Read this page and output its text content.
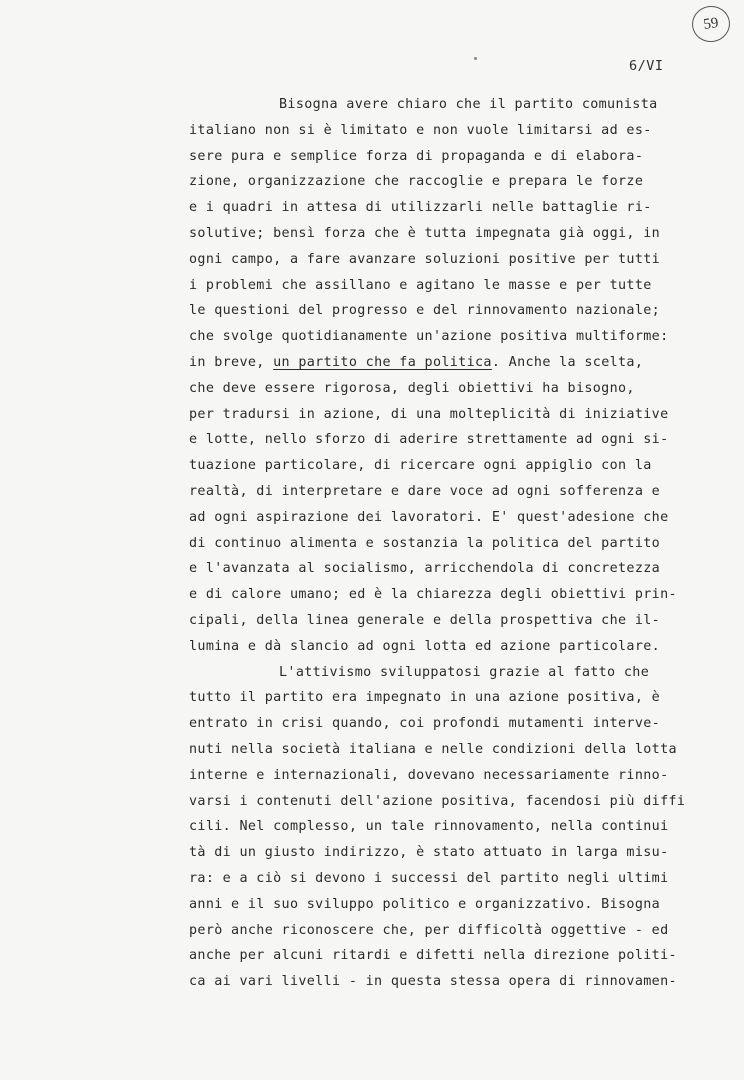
59
6/VI
Bisogna avere chiaro che il partito comunista
italiano non si è limitato e non vuole limitarsi ad es-
sere pura e semplice forza di propaganda e di elabora-
zione, organizzazione che raccoglie e prepara le forze
e i quadri in attesa di utilizzarli nelle battaglie ri-
solutive; bensì forza che è tutta impegnata già oggi, in
ogni campo, a fare avanzare soluzioni positive per tutti
i problemi che assillano e agitano le masse e per tutte
le questioni del progresso e del rinnovamento nazionale;
che svolge quotidianamente un'azione positiva multiforme:
in breve, un partito che fa politica. Anche la scelta,
che deve essere rigorosa, degli obiettivi ha bisogno,
per tradursi in azione, di una molteplicità di iniziative
e lotte, nello sforzo di aderire strettamente ad ogni si-
tuazione particolare, di ricercare ogni appiglio con la
realtà, di interpretare e dare voce ad ogni sofferenza e
ad ogni aspirazione dei lavoratori. E' quest'adesione che
di continuo alimenta e sostanzia la politica del partito
e l'avanzata al socialismo, arricchendola di concretezza
e di calore umano; ed è la chiarezza degli obiettivi prin-
cipali, della linea generale e della prospettiva che il-
lumina e dà slancio ad ogni lotta ed azione particolare.
L'attivismo sviluppatosi grazie al fatto che
tutto il partito era impegnato in una azione positiva, è
entrato in crisi quando, coi profondi mutamenti interve-
nuti nella società italiana e nelle condizioni della lotta
interne e internazionali, dovevano necessariamente rinno-
varsi i contenuti dell'azione positiva, facendosi più diffi
cili. Nel complesso, un tale rinnovamento, nella continui
tà di un giusto indirizzo, è stato attuato in larga misu-
ra: e a ciò si devono i successi del partito negli ultimi
anni e il suo sviluppo politico e organizzativo. Bisogna
però anche riconoscere che, per difficoltà oggettive - ed
anche per alcuni ritardi e difetti nella direzione politi-
ca ai vari livelli - in questa stessa opera di rinnovamen-
